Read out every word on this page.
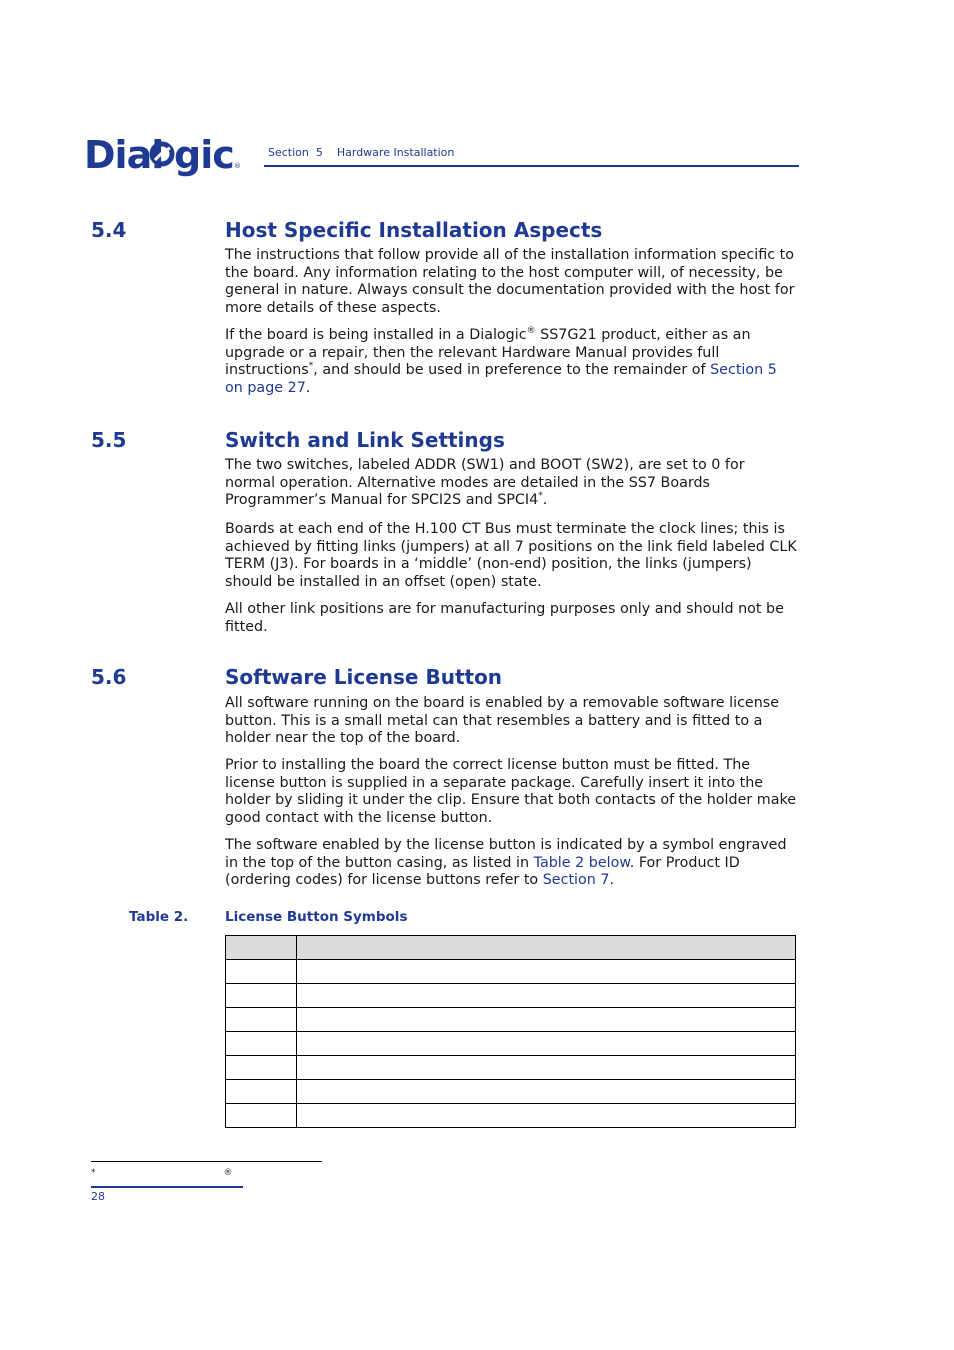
Dial gic ®
Section  5    Hardware Installation
5.4	Host Specific Installation Aspects

The instructions that follow provide all of the installation information specific to the board. Any information relating to the host computer will, of necessity, be general in nature. Always consult the documentation provided with the host for more details of these aspects.

If the board is being installed in a Dialogic® SS7G21 product, either as an upgrade or a repair, then the relevant Hardware Manual provides full instructions*, and should be used in preference to the remainder of Section 5 on page 27.

5.5	Switch and Link Settings

The two switches, labeled ADDR (SW1) and BOOT (SW2), are set to 0 for normal operation. Alternative modes are detailed in the SS7 Boards Programmer’s Manual for SPCI2S and SPCI4*.

Boards at each end of the H.100 CT Bus must terminate the clock lines; this is achieved by fitting links (jumpers) at all 7 positions on the link field labeled CLK TERM (J3). For boards in a ‘middle’ (non-end) position, the links (jumpers) should be installed in an offset (open) state.

All other link positions are for manufacturing purposes only and should not be fitted.

5.6	Software License Button

All software running on the board is enabled by a removable software license button. This is a small metal can that resembles a battery and is fitted to a holder near the top of the board.

Prior to installing the board the correct license button must be fitted. The license button is supplied in a separate package. Carefully insert it into the holder by sliding it under the clip. Ensure that both contacts of the holder make good contact with the license button.

The software enabled by the license button is indicated by a symbol engraved in the top of the button casing, as listed in Table 2 below. For Product ID (ordering codes) for license buttons refer to Section 7.

Table 2.	License Button Symbols

*	®
28
